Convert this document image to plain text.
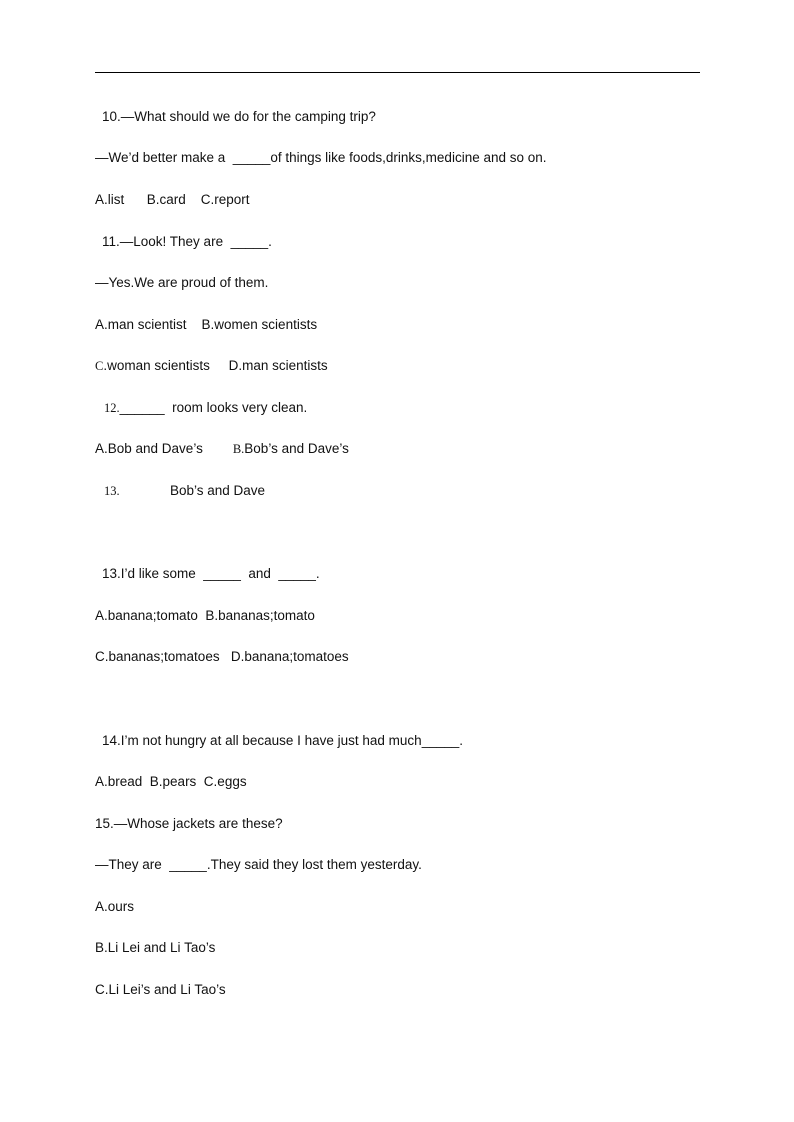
10.—What should we do for the camping trip?
—We’d better make a  _____of things like foods,drinks,medicine and so on.
A.list      B.card    C.report
11.—Look! They are  _____.
—Yes.We are proud of them.
A.man scientist    B.women scientists
C.woman scientists     D.man scientists
12.______  room looks very clean.
A.Bob and Dave’s        B.Bob’s and Dave’s
13.	Bob’s and Dave
13.I’d like some  _____  and  _____.
A.banana;tomato  B.bananas;tomato
C.bananas;tomatoes   D.banana;tomatoes
14.I’m not hungry at all because I have just had much_____.
A.bread  B.pears  C.eggs
15.—Whose jackets are these?
—They are  _____.They said they lost them yesterday.
A.ours
B.Li Lei and Li Tao’s
C.Li Lei’s and Li Tao’s
